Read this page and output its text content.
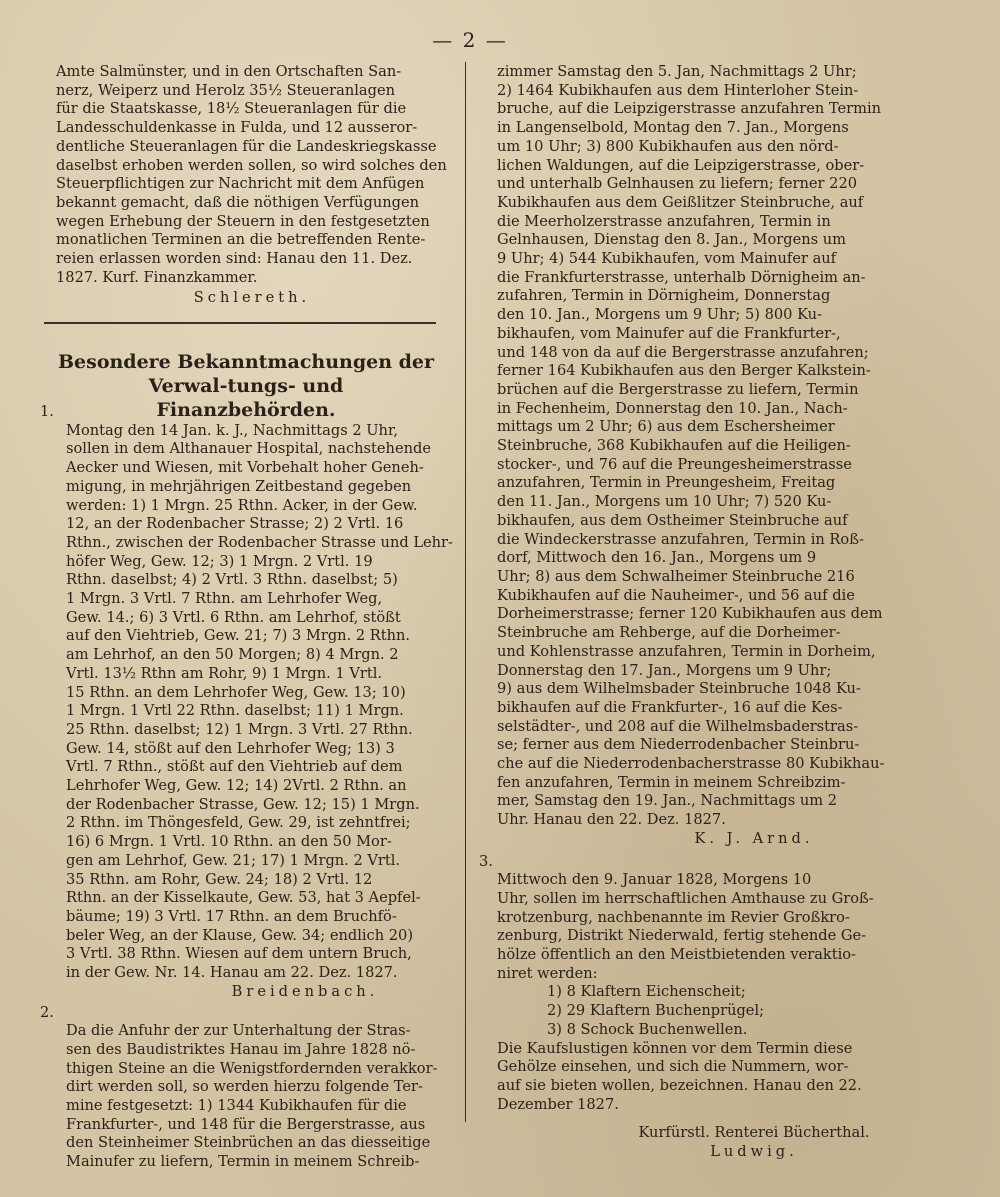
— 2 —
Amte Salmünster, und in den Ortschaften San-
nerz, Weiperz und Herolz 35½ Steueranlagen
für die Staatskasse, 18½ Steueranlagen für die
Landesschuldenkasse in Fulda, und 12 ausseror-
dentliche Steueranlagen für die Landeskriegskasse
daselbst erhoben werden sollen, so wird solches den
Steuerpflichtigen zur Nachricht mit dem Anfügen
bekannt gemacht, daß die nöthigen Verfügungen
wegen Erhebung der Steuern in den festgesetzten
monatlichen Terminen an die betreffenden Rente-
reien erlassen worden sind: Hanau den 11. Dez.
1827. Kurf. Finanzkammer.
Schlereth.
Besondere Bekanntmachungen der Verwal-tungs- und Finanzbehörden.
1.
Montag den 14 Jan. k. J., Nachmittags 2 Uhr,
sollen in dem Althanauer Hospital, nachstehende
Aecker und Wiesen, mit Vorbehalt hoher Geneh-
migung, in mehrjährigen Zeitbestand gegeben
werden: 1) 1 Mrgn. 25 Rthn. Acker, in der Gew.
12, an der Rodenbacher Strasse; 2) 2 Vrtl. 16
Rthn., zwischen der Rodenbacher Strasse und Lehr-
höfer Weg, Gew. 12; 3) 1 Mrgn. 2 Vrtl. 19
Rthn. daselbst; 4) 2 Vrtl. 3 Rthn. daselbst; 5)
1 Mrgn. 3 Vrtl. 7 Rthn. am Lehrhofer Weg,
Gew. 14.; 6) 3 Vrtl. 6 Rthn. am Lehrhof, stößt
auf den Viehtrieb, Gew. 21; 7) 3 Mrgn. 2 Rthn.
am Lehrhof, an den 50 Morgen; 8) 4 Mrgn. 2
Vrtl. 13½ Rthn am Rohr, 9) 1 Mrgn. 1 Vrtl.
15 Rthn. an dem Lehrhofer Weg, Gew. 13; 10)
1 Mrgn. 1 Vrtl 22 Rthn. daselbst; 11) 1 Mrgn.
25 Rthn. daselbst; 12) 1 Mrgn. 3 Vrtl. 27 Rthn.
Gew. 14, stößt auf den Lehrhofer Weg; 13) 3
Vrtl. 7 Rthn., stößt auf den Viehtrieb auf dem
Lehrhofer Weg, Gew. 12; 14) 2Vrtl. 2 Rthn. an
der Rodenbacher Strasse, Gew. 12; 15) 1 Mrgn.
2 Rthn. im Thöngesfeld, Gew. 29, ist zehntfrei;
16) 6 Mrgn. 1 Vrtl. 10 Rthn. an den 50 Mor-
gen am Lehrhof, Gew. 21; 17) 1 Mrgn. 2 Vrtl.
35 Rthn. am Rohr, Gew. 24; 18) 2 Vrtl. 12
Rthn. an der Kisselkaute, Gew. 53, hat 3 Aepfel-
bäume; 19) 3 Vrtl. 17 Rthn. an dem Bruchfö-
beler Weg, an der Klause, Gew. 34; endlich 20)
3 Vrtl. 38 Rthn. Wiesen auf dem untern Bruch,
in der Gew. Nr. 14. Hanau am 22. Dez. 1827.
Breidenbach.
2.
Da die Anfuhr der zur Unterhaltung der Stras-
sen des Baudistriktes Hanau im Jahre 1828 nö-
thigen Steine an die Wenigstfordernden verakkor-
dirt werden soll, so werden hierzu folgende Ter-
mine festgesetzt: 1) 1344 Kubikhaufen für die
Frankfurter-, und 148 für die Bergerstrasse, aus
den Steinheimer Steinbrüchen an das diesseitige
Mainufer zu liefern, Termin in meinem Schreib-
zimmer Samstag den 5. Jan, Nachmittags 2 Uhr;
2) 1464 Kubikhaufen aus dem Hinterloher Stein-
bruche, auf die Leipzigerstrasse anzufahren Termin
in Langenselbold, Montag den 7. Jan., Morgens
um 10 Uhr; 3) 800 Kubikhaufen aus den nörd-
lichen Waldungen, auf die Leipzigerstrasse, ober-
und unterhalb Gelnhausen zu liefern; ferner 220
Kubikhaufen aus dem Geißlitzer Steinbruche, auf
die Meerholzerstrasse anzufahren, Termin in
Gelnhausen, Dienstag den 8. Jan., Morgens um
9 Uhr; 4) 544 Kubikhaufen, vom Mainufer auf
die Frankfurterstrasse, unterhalb Dörnigheim an-
zufahren, Termin in Dörnigheim, Donnerstag
den 10. Jan., Morgens um 9 Uhr; 5) 800 Ku-
bikhaufen, vom Mainufer auf die Frankfurter-,
und 148 von da auf die Bergerstrasse anzufahren;
ferner 164 Kubikhaufen aus den Berger Kalkstein-
brüchen auf die Bergerstrasse zu liefern, Termin
in Fechenheim, Donnerstag den 10. Jan., Nach-
mittags um 2 Uhr; 6) aus dem Eschersheimer
Steinbruche, 368 Kubikhaufen auf die Heiligen-
stocker-, und 76 auf die Preungesheimerstrasse
anzufahren, Termin in Preungesheim, Freitag
den 11. Jan., Morgens um 10 Uhr; 7) 520 Ku-
bikhaufen, aus dem Ostheimer Steinbruche auf
die Windeckerstrasse anzufahren, Termin in Roß-
dorf, Mittwoch den 16. Jan., Morgens um 9
Uhr; 8) aus dem Schwalheimer Steinbruche 216
Kubikhaufen auf die Nauheimer-, und 56 auf die
Dorheimerstrasse; ferner 120 Kubikhaufen aus dem
Steinbruche am Rehberge, auf die Dorheimer-
und Kohlenstrasse anzufahren, Termin in Dorheim,
Donnerstag den 17. Jan., Morgens um 9 Uhr;
9) aus dem Wilhelmsbader Steinbruche 1048 Ku-
bikhaufen auf die Frankfurter-, 16 auf die Kes-
selstädter-, und 208 auf die Wilhelmsbaderstras-
se; ferner aus dem Niederrodenbacher Steinbru-
che auf die Niederrodenbacherstrasse 80 Kubikhau-
fen anzufahren, Termin in meinem Schreibzim-
mer, Samstag den 19. Jan., Nachmittags um 2
Uhr. Hanau den 22. Dez. 1827.
K. J. Arnd.
3.
Mittwoch den 9. Januar 1828, Morgens 10
Uhr, sollen im herrschaftlichen Amthause zu Groß-
krotzenburg, nachbenannte im Revier Großkro-
zenburg, Distrikt Niederwald, fertig stehende Ge-
hölze öffentlich an den Meistbietenden veraktio-
niret werden:
1) 8 Klaftern Eichenscheit;
2) 29 Klaftern Buchenprügel;
3) 8 Schock Buchenwellen.
Die Kaufslustigen können vor dem Termin diese
Gehölze einsehen, und sich die Nummern, wor-
auf sie bieten wollen, bezeichnen. Hanau den 22.
Dezember 1827.
Kurfürstl. Renterei Bücherthal.
Ludwig.
